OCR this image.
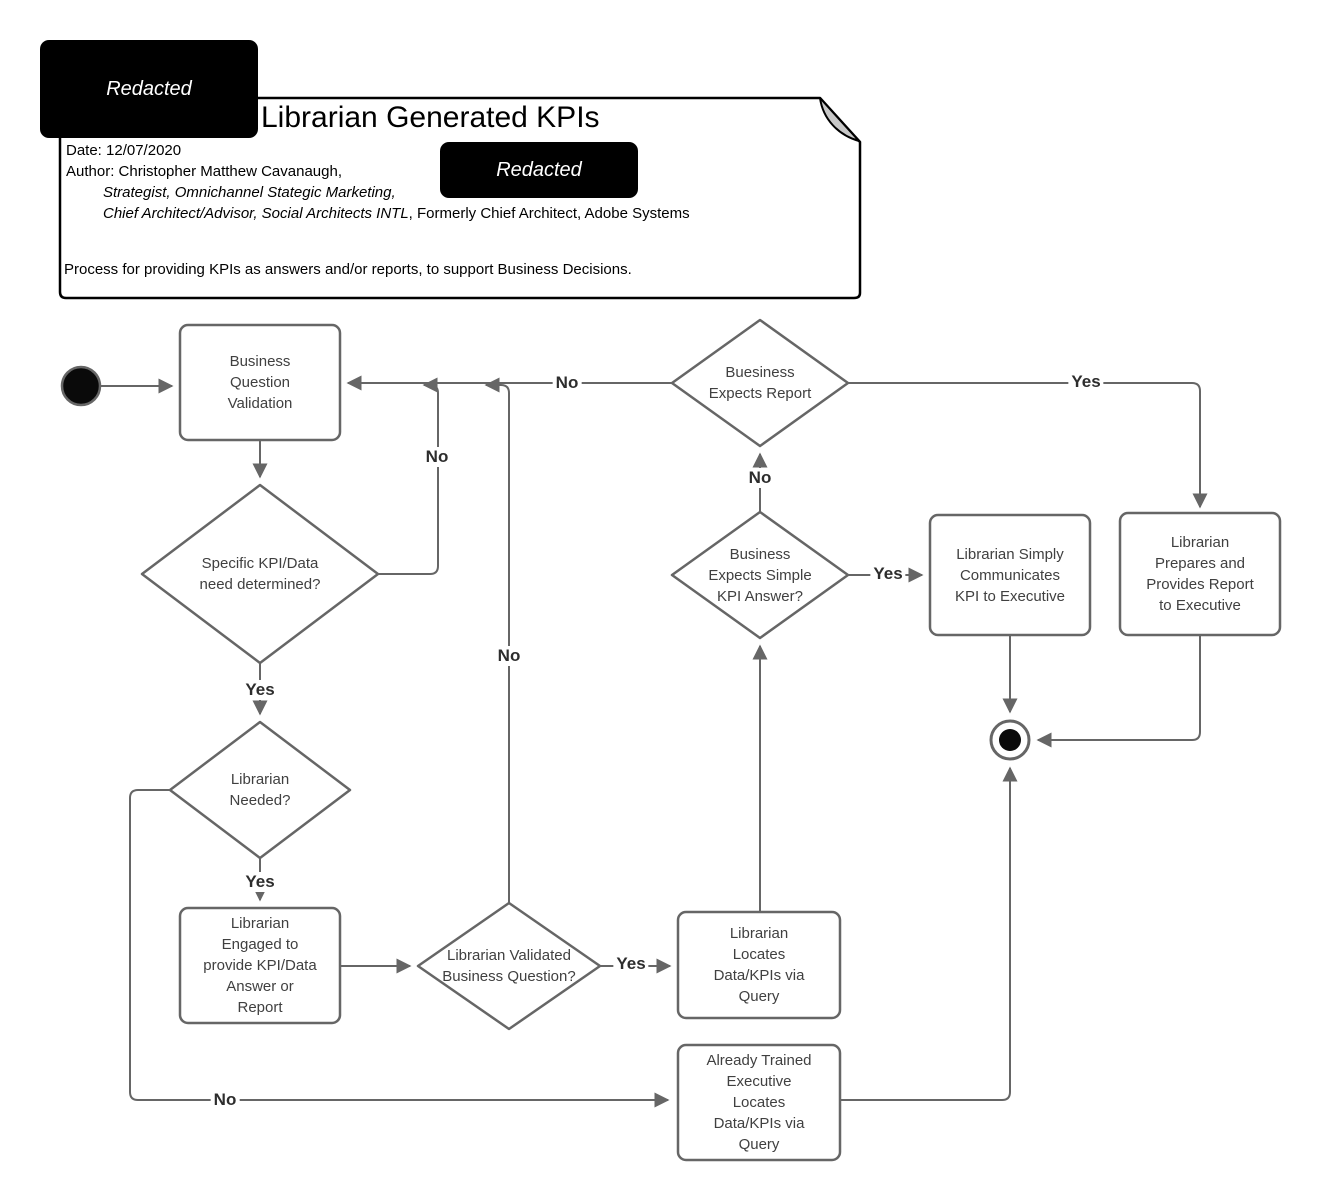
Librarian Generated KPIs
Date: 12/07/2020
Author: Christopher Matthew Cavanaugh,
Strategist, Omnichannel Stategic Marketing,
Chief Architect/Advisor, Social Architects INTL, Formerly Chief Architect, Adobe Systems
Process for providing KPIs as answers and/or reports, to support Business Decisions.
Redacted
Redacted
Business
Question
Validation
Specific KPI/Data
need determined?
Librarian
Needed?
Librarian
Engaged to
provide KPI/Data
Answer or
Report
Librarian Validated
Business Question?
Librarian
Locates
Data/KPIs via
Query
Business
Expects Simple
KPI Answer?
Buesiness
Expects Report
Librarian Simply
Communicates
KPI to Executive
Librarian
Prepares and
Provides Report
to Executive
Already Trained
Executive
Locates
Data/KPIs via
Query
No
Yes
Yes
No
No
Yes
No
Yes
No	Yes
